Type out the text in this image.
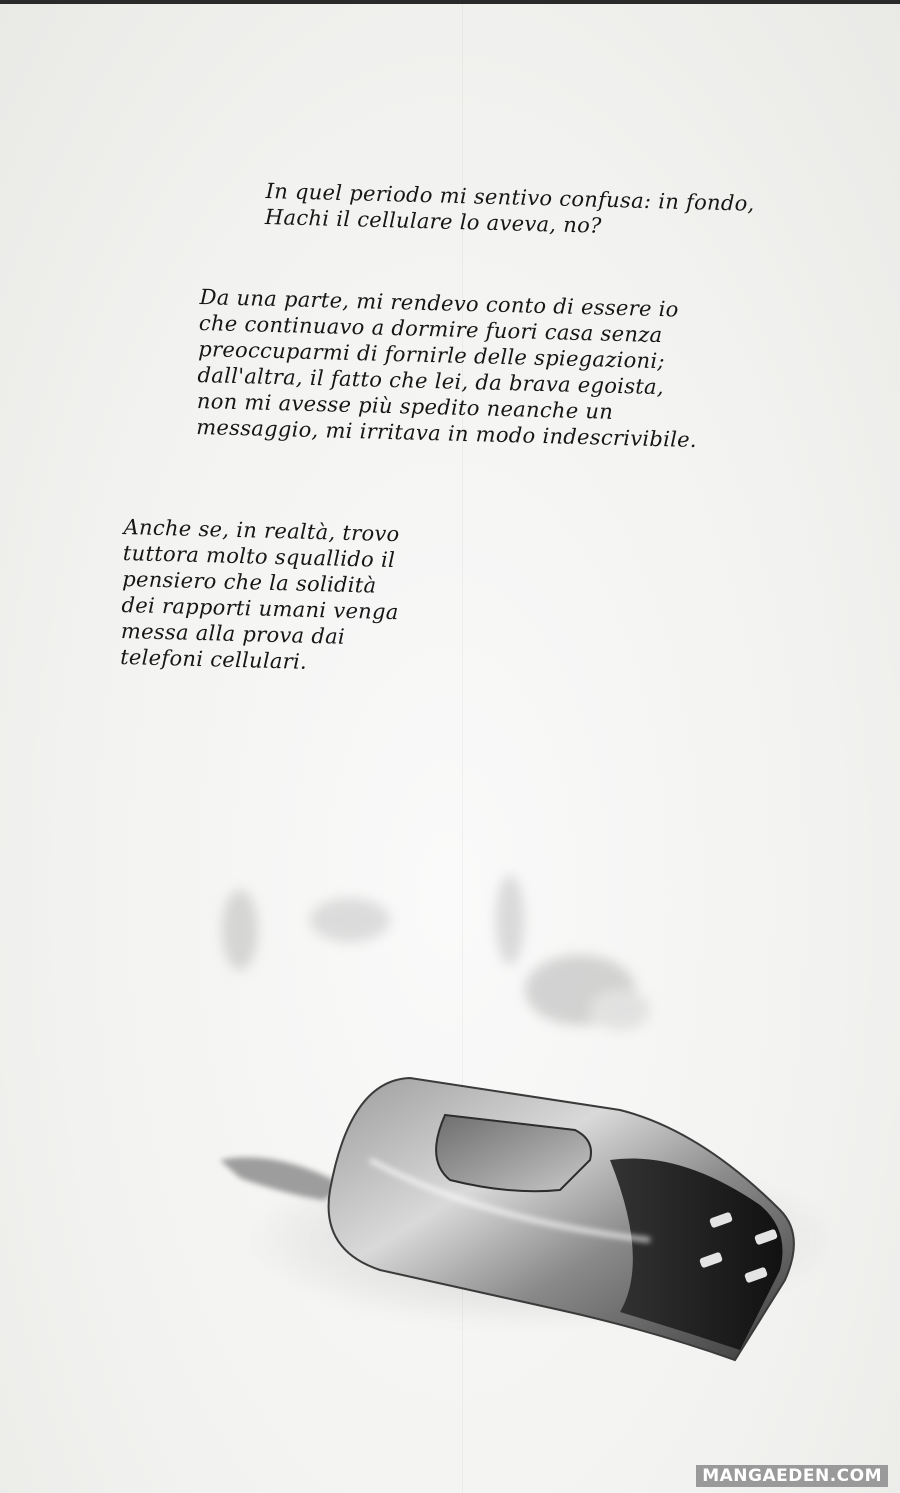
In quel periodo mi sentivo confusa: in fondo,
Hachi il cellulare lo aveva, no?

Da una parte, mi rendevo conto di essere io
che continuavo a dormire fuori casa senza
preoccuparmi di fornirle delle spiegazioni;
dall'altra, il fatto che lei, da brava egoista,
non mi avesse più spedito neanche un
messaggio, mi irritava in modo indescrivibile.

Anche se, in realtà, trovo
tuttora molto squallido il
pensiero che la solidità
dei rapporti umani venga
messa alla prova dai
telefoni cellulari.

MANGAEDEN.COM
